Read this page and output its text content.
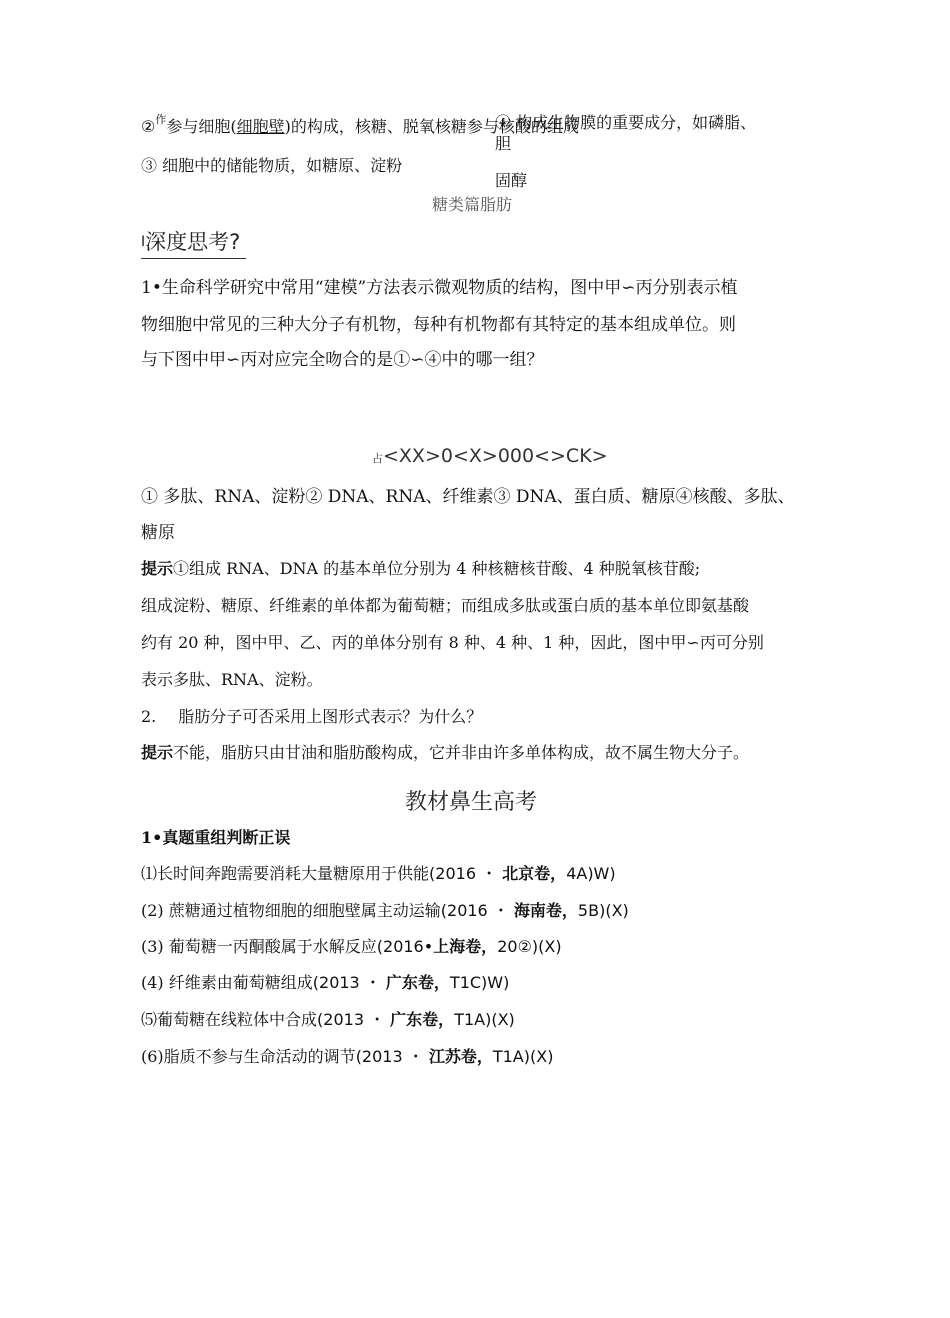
②$^作$参与细胞(细胞壁)的构成，核糖、脱氧核糖参与核酸的组成
④ 构成生物膜的重要成分，如磷脂、
③ 细胞中的储能物质，如糖原、淀粉
胆
固醇
糖类篇脂肪
I深度思考?
1•生命科学研究中常用“建模”方法表示微观物质的结构，图中甲∽丙分别表示植
物细胞中常见的三种大分子有机物，每种有机物都有其特定的基本组成单位。则
与下图中甲∽丙对应完全吻合的是①∽④中的哪一组？
占<XX>0<X>000<>CK>
① 多肽、RNA、淀粉② DNA、RNA、纤维素③ DNA、蛋白质、糖原④核酸、多肽、
糖原
提示①组成 RNA、DNA 的基本单位分别为 4 种核糖核苷酸、4 种脱氧核苷酸;
组成淀粉、糖原、纤维素的单体都为葡萄糖；而组成多肽或蛋白质的基本单位即氨基酸
约有 20 种，图中甲、乙、丙的单体分别有 8 种、4 种、1 种，因此，图中甲∽丙可分别
表示多肽、RNA、淀粉。
2. 脂肪分子可否采用上图形式表示？为什么？
提示不能，脂肪只由甘油和脂肪酸构成，它并非由许多单体构成，故不属生物大分子。
教材鼻生高考
1•真题重组判断正误
⑴长时间奔跑需要消耗大量糖原用于供能(2016 ・ 北京卷，4A)W)
(2) 蔗糖通过植物细胞的细胞壁属主动运输(2016 ・ 海南卷，5B)(X)
(3) 葡萄糖一丙酮酸属于水解反应(2016•上海卷，20②)(X)
(4) 纤维素由葡萄糖组成(2013 ・ 广东卷，T1C)W)
⑸葡萄糖在线粒体中合成(2013 ・ 广东卷，T1A)(X)
(6)脂质不参与生命活动的调节(2013 ・ 江苏卷，T1A)(X)
